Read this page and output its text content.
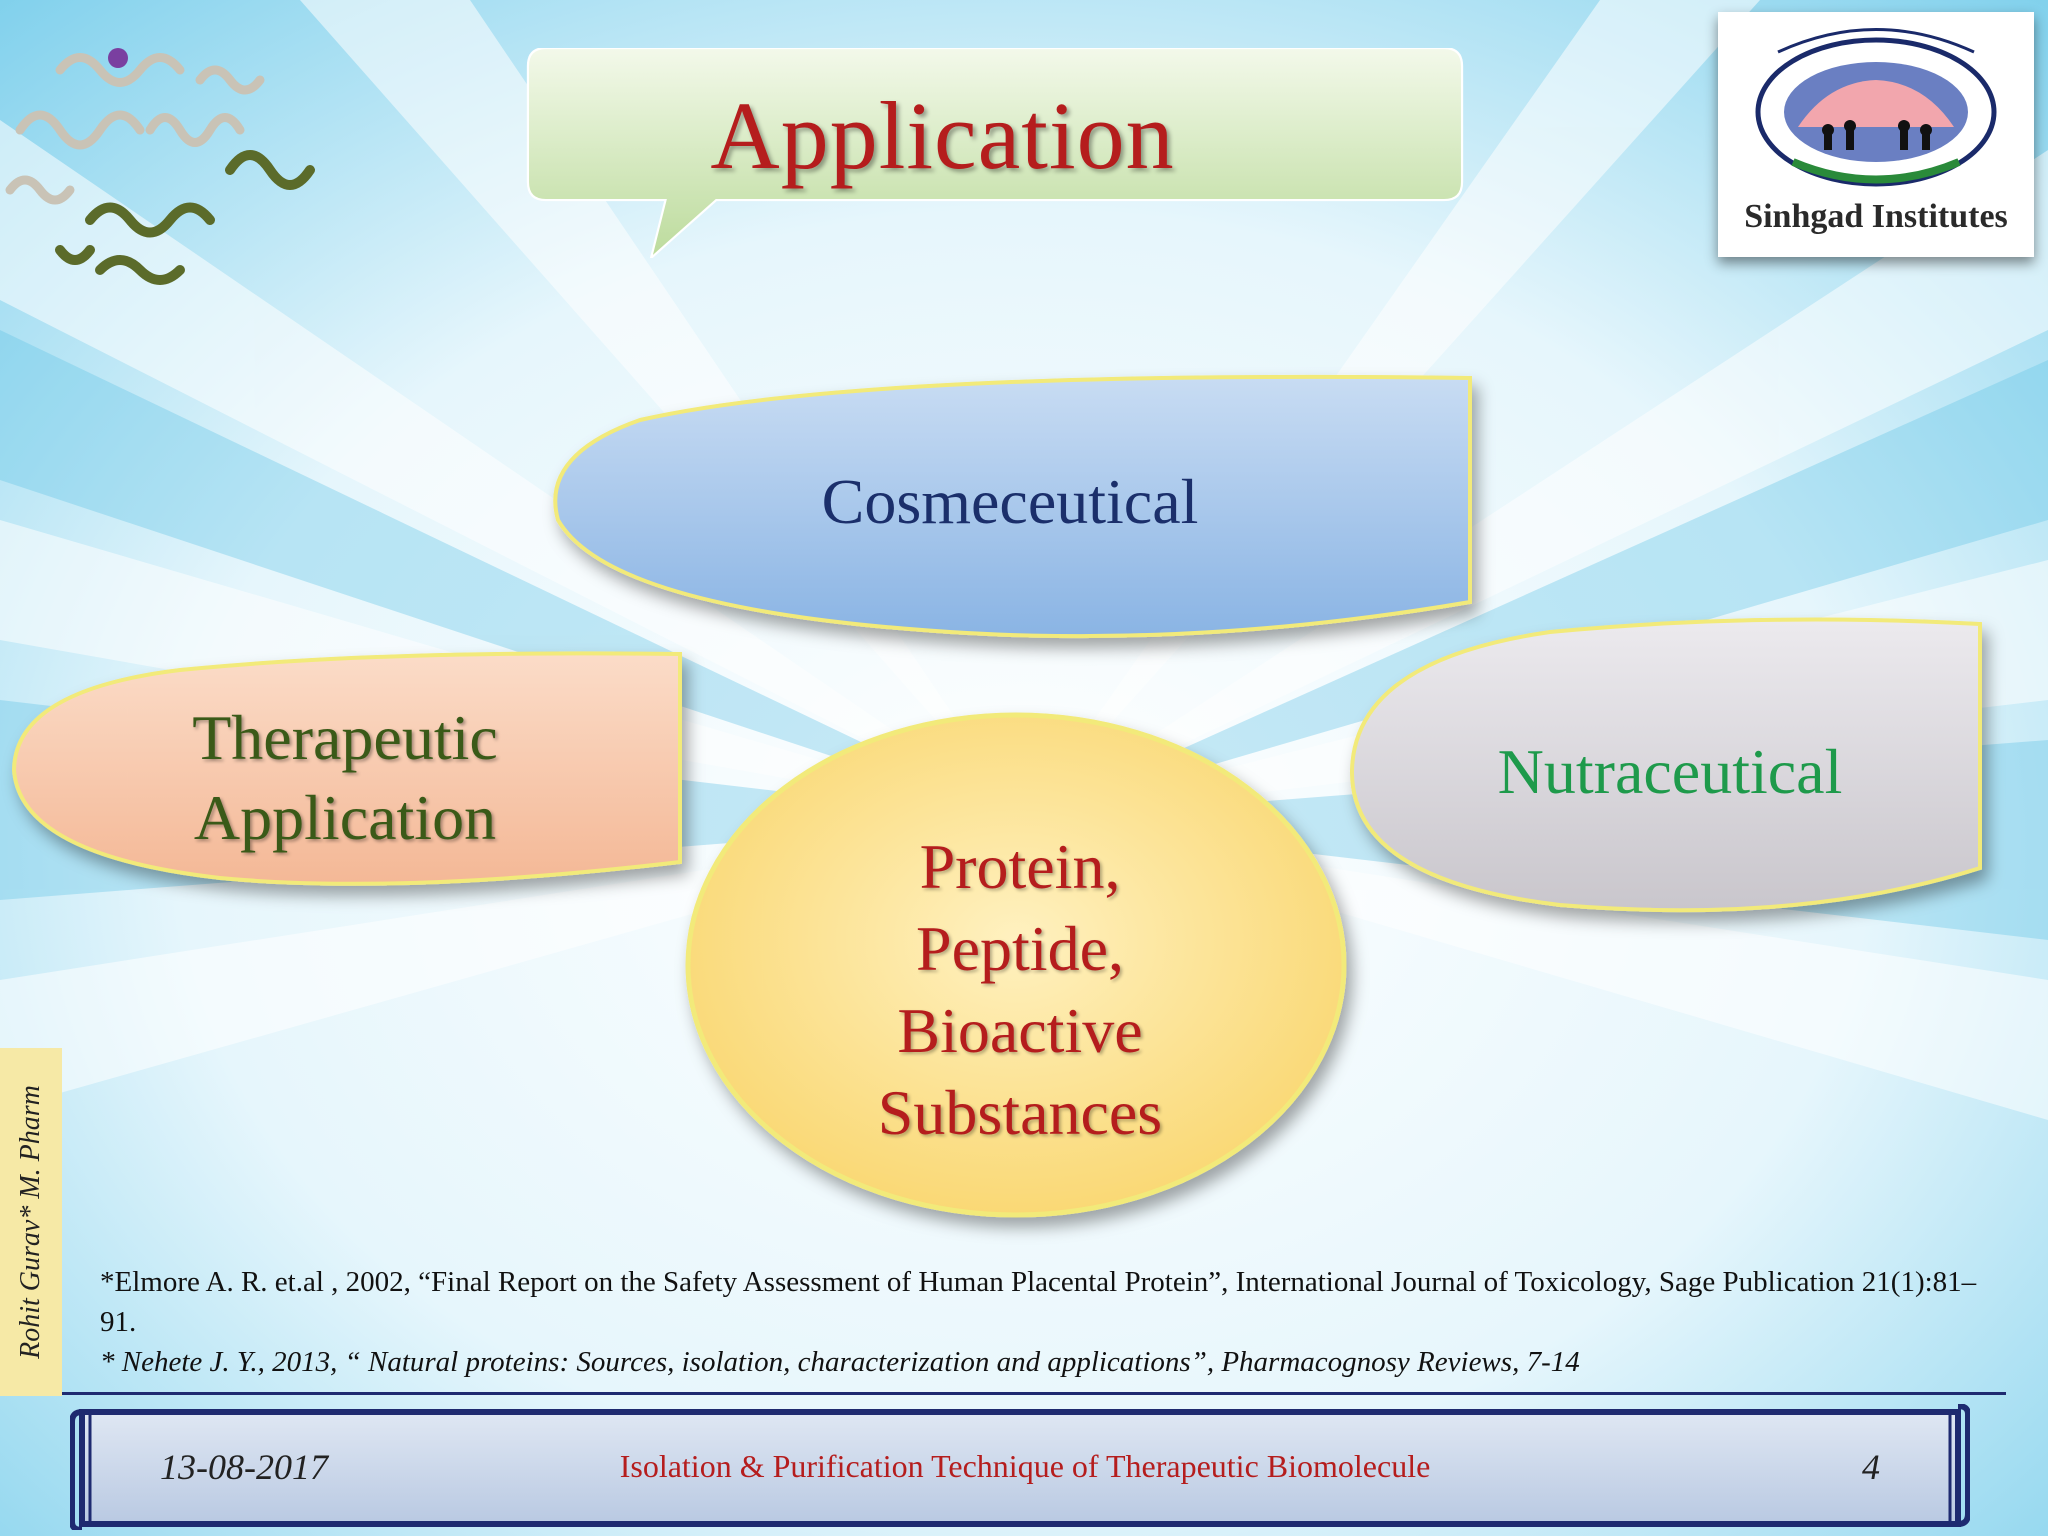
Application
Sinhgad Institutes
Cosmeceutical
Therapeutic
Application
Nutraceutical
Protein,
Peptide,
Bioactive
Substances
Rohit Gurav* M. Pharm *Elmore A. R. et.al , 2002, “Final Report on the Safety Assessment of Human Placental Protein”, International Journal of Toxicology, Sage Publication 21(1):81–91.
* Nehete J. Y., 2013, “ Natural proteins: Sources, isolation, characterization and applications”, Pharmacognosy Reviews, 7-14
13-08-2017	Isolation & Purification Technique of Therapeutic Biomolecule	4
